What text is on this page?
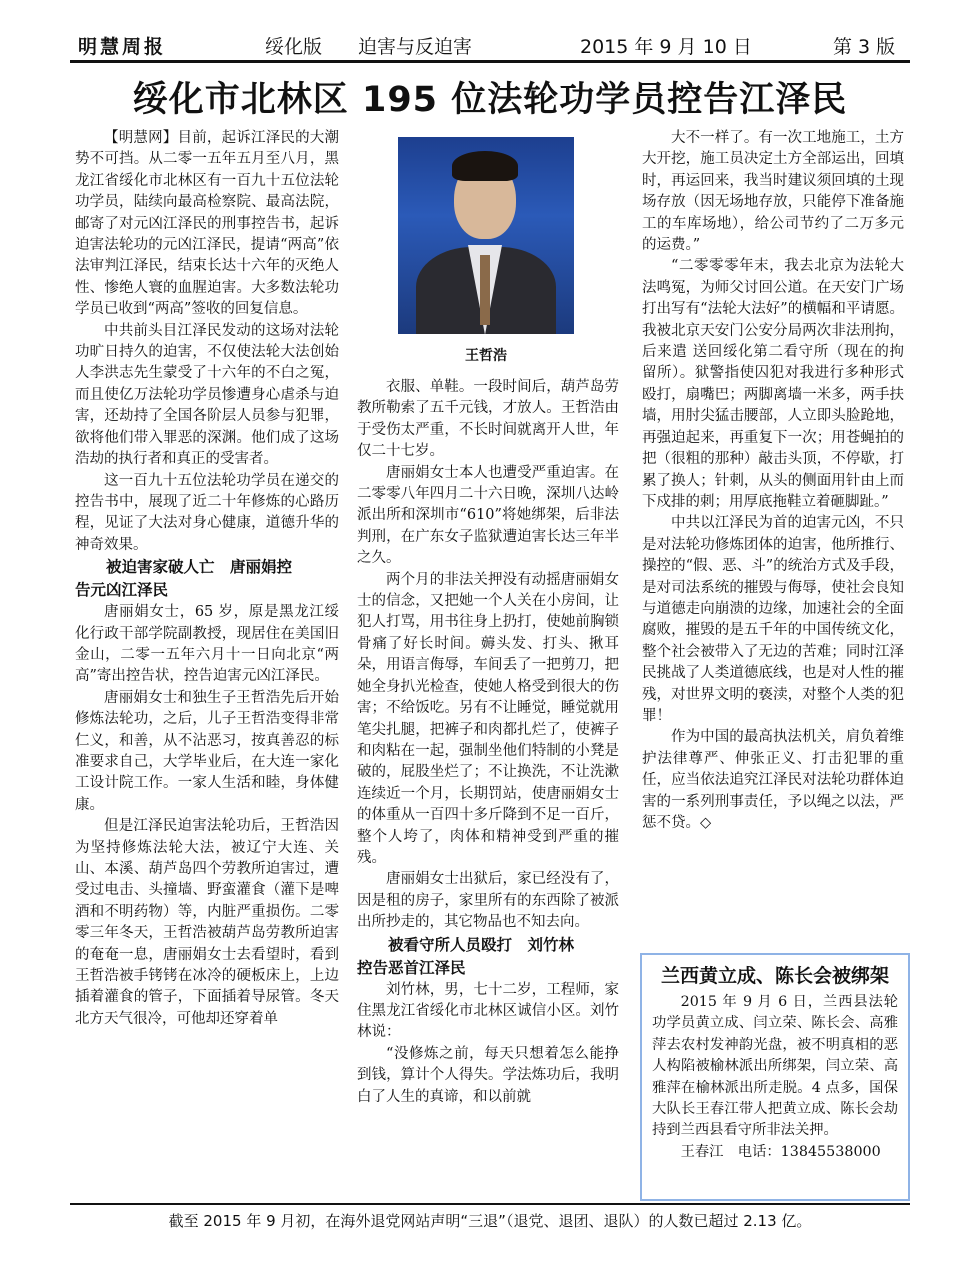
明慧周报	绥化版 迫害与反迫害	2015 年 9 月 10 日	第 3 版
绥化市北林区 195 位法轮功学员控告江泽民

【明慧网】目前，起诉江泽民的大潮势不可挡。从二零一五年五月至八月，黑龙江省绥化市北林区有一百九十五位法轮功学员，陆续向最高检察院、最高法院，邮寄了对元凶江泽民的刑事控告书，起诉迫害法轮功的元凶江泽民，提请“两高”依法审判江泽民，结束长达十六年的灭绝人性、惨绝人寰的血腥迫害。大多数法轮功学员已收到“两高”签收的回复信息。

中共前头目江泽民发动的这场对法轮功旷日持久的迫害，不仅使法轮大法创始人李洪志先生蒙受了十六年的不白之冤，而且使亿万法轮功学员惨遭身心虐杀与迫害，还劫持了全国各阶层人员参与犯罪，欲将他们带入罪恶的深渊。他们成了这场浩劫的执行者和真正的受害者。

这一百九十五位法轮功学员在递交的控告书中，展现了近二十年修炼的心路历程，见证了大法对身心健康，道德升华的神奇效果。

被迫害家破人亡　唐丽娟控
告元凶江泽民

唐丽娟女士，65 岁，原是黑龙江绥化行政干部学院副教授，现居住在美国旧金山，二零一五年六月十一日向北京“两高”寄出控告状，控告迫害元凶江泽民。

唐丽娟女士和独生子王哲浩先后开始修炼法轮功，之后，儿子王哲浩变得非常仁义，和善，从不沾恶习，按真善忍的标准要求自己，大学毕业后，在大连一家化工设计院工作。一家人生活和睦，身体健康。

但是江泽民迫害法轮功后，王哲浩因为坚持修炼法轮大法，被辽宁大连、关山、本溪、葫芦岛四个劳教所迫害过，遭受过电击、头撞墙、野蛮灌食（灌下是啤酒和不明药物）等，内脏严重损伤。二零零三年冬天，王哲浩被葫芦岛劳教所迫害的奄奄一息，唐丽娟女士去看望时，看到王哲浩被手铐铐在冰冷的硬板床上，上边插着灌食的管子，下面插着导尿管。冬天北方天气很冷，可他却还穿着单

王哲浩

衣服、单鞋。一段时间后，葫芦岛劳教所勒索了五千元钱，才放人。王哲浩由于受伤太严重，不长时间就离开人世，年仅二十七岁。

唐丽娟女士本人也遭受严重迫害。在二零零八年四月二十六日晚，深圳八达岭派出所和深圳市“610”将她绑架，后非法判刑，在广东女子监狱遭迫害长达三年半之久。

两个月的非法关押没有动摇唐丽娟女士的信念，又把她一个人关在小房间，让犯人打骂，用书往身上扔打，使她前胸锁骨痛了好长时间。薅头发、打头、揪耳朵，用语言侮辱，车间丢了一把剪刀，把她全身扒光检查，使她人格受到很大的伤害；不给饭吃。另有不让睡觉，睡觉就用笔尖扎腿，把裤子和肉都扎烂了，使裤子和肉粘在一起，强制坐他们特制的小凳是破的，屁股坐烂了；不让换洗，不让洗漱连续近一个月，长期罚站，使唐丽娟女士的体重从一百四十多斤降到不足一百斤，整个人垮了，肉体和精神受到严重的摧残。

唐丽娟女士出狱后，家已经没有了，因是租的房子，家里所有的东西除了被派出所抄走的，其它物品也不知去向。

被看守所人员殴打　刘竹林
控告恶首江泽民

刘竹林，男，七十二岁，工程师，家住黑龙江省绥化市北林区诚信小区。刘竹林说：

“没修炼之前，每天只想着怎么能挣到钱，算计个人得失。学法炼功后，我明白了人生的真谛，和以前就

大不一样了。有一次工地施工，土方大开挖，施工员决定土方全部运出，回填时，再运回来，我当时建议须回填的土现场存放（因无场地存放，只能停下准备施工的车库场地），给公司节约了二万多元的运费。”

“二零零零年末，我去北京为法轮大法鸣冤，为师父讨回公道。在天安门广场打出写有“法轮大法好”的横幅和平请愿。我被北京天安门公安分局两次非法刑拘，后来遣 送回绥化第二看守所（现在的拘留所）。狱警指使囚犯对我进行多种形式殴打，扇嘴巴；两脚离墙一米多，两手扶墙，用肘尖猛击腰部，人立即头脸跄地，再强迫起来，再重复下一次；用苍蝇拍的把（很粗的那种）敲击头顶，不停歇，打累了换人；针刺，从头的侧面用针由上而下戍排的刺；用厚底拖鞋立着砸脚趾。”

中共以江泽民为首的迫害元凶，不只是对法轮功修炼团体的迫害，他所推行、操控的“假、恶、斗”的统治方式及手段，是对司法系统的摧毁与侮辱，使社会良知与道德走向崩溃的边缘，加速社会的全面腐败，摧毁的是五千年的中国传统文化，整个社会被带入了无边的苦难；同时江泽民挑战了人类道德底线，也是对人性的摧残，对世界文明的亵渎，对整个人类的犯罪！

作为中国的最高执法机关，肩负着维护法律尊严、伸张正义、打击犯罪的重任，应当依法追究江泽民对法轮功群体迫害的一系列刑事责任，予以绳之以法，严惩不贷。◇

兰西黄立成、陈长会被绑架

2015 年 9 月 6 日，兰西县法轮功学员黄立成、闫立荣、陈长会、高雅萍去农村发神韵光盘，被不明真相的恶人构陷被榆林派出所绑架，闫立荣、高雅萍在榆林派出所走脱。4 点多，国保大队长王春江带人把黄立成、陈长会劫持到兰西县看守所非法关押。

王春江　电话：13845538000

截至 2015 年 9 月初，在海外退党网站声明“三退”（退党、退团、退队）的人数已超过 2.13 亿。
